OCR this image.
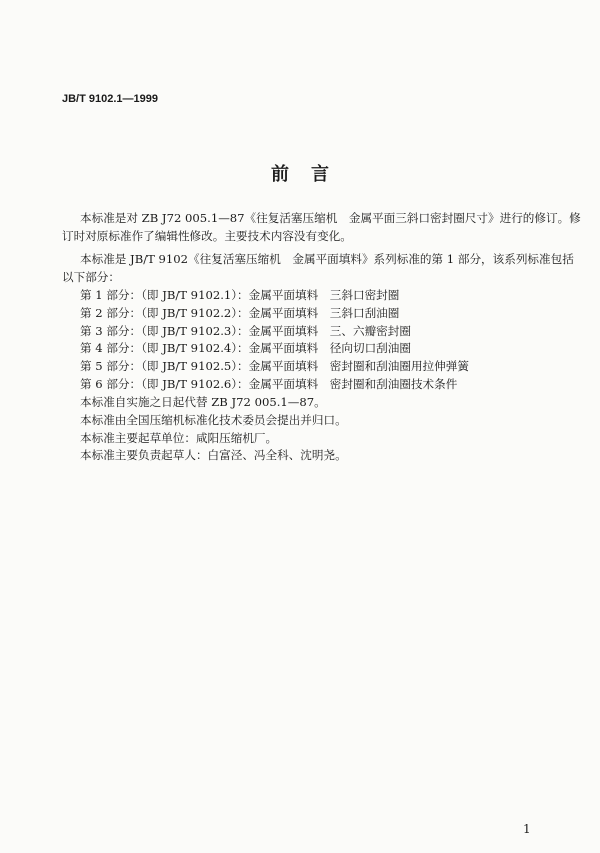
JB/T 9102.1—1999
前言
本标准是对 ZB J72 005.1—87《往复活塞压缩机　金属平面三斜口密封圈尺寸》进行的修订。修
订时对原标准作了编辑性修改。主要技术内容没有变化。
本标准是 JB/T 9102《往复活塞压缩机　金属平面填料》系列标准的第 1 部分，该系列标准包括
以下部分：
第 1 部分：（即 JB/T 9102.1）：金属平面填料　三斜口密封圈
第 2 部分：（即 JB/T 9102.2）：金属平面填料　三斜口刮油圈
第 3 部分：（即 JB/T 9102.3）：金属平面填料　三、六瓣密封圈
第 4 部分：（即 JB/T 9102.4）：金属平面填料　径向切口刮油圈
第 5 部分：（即 JB/T 9102.5）：金属平面填料　密封圈和刮油圈用拉伸弹簧
第 6 部分：（即 JB/T 9102.6）：金属平面填料　密封圈和刮油圈技术条件
本标准自实施之日起代替 ZB J72 005.1—87。
本标准由全国压缩机标准化技术委员会提出并归口。
本标准主要起草单位：咸阳压缩机厂。
本标准主要负责起草人：白富泾、冯全科、沈明尧。
1
